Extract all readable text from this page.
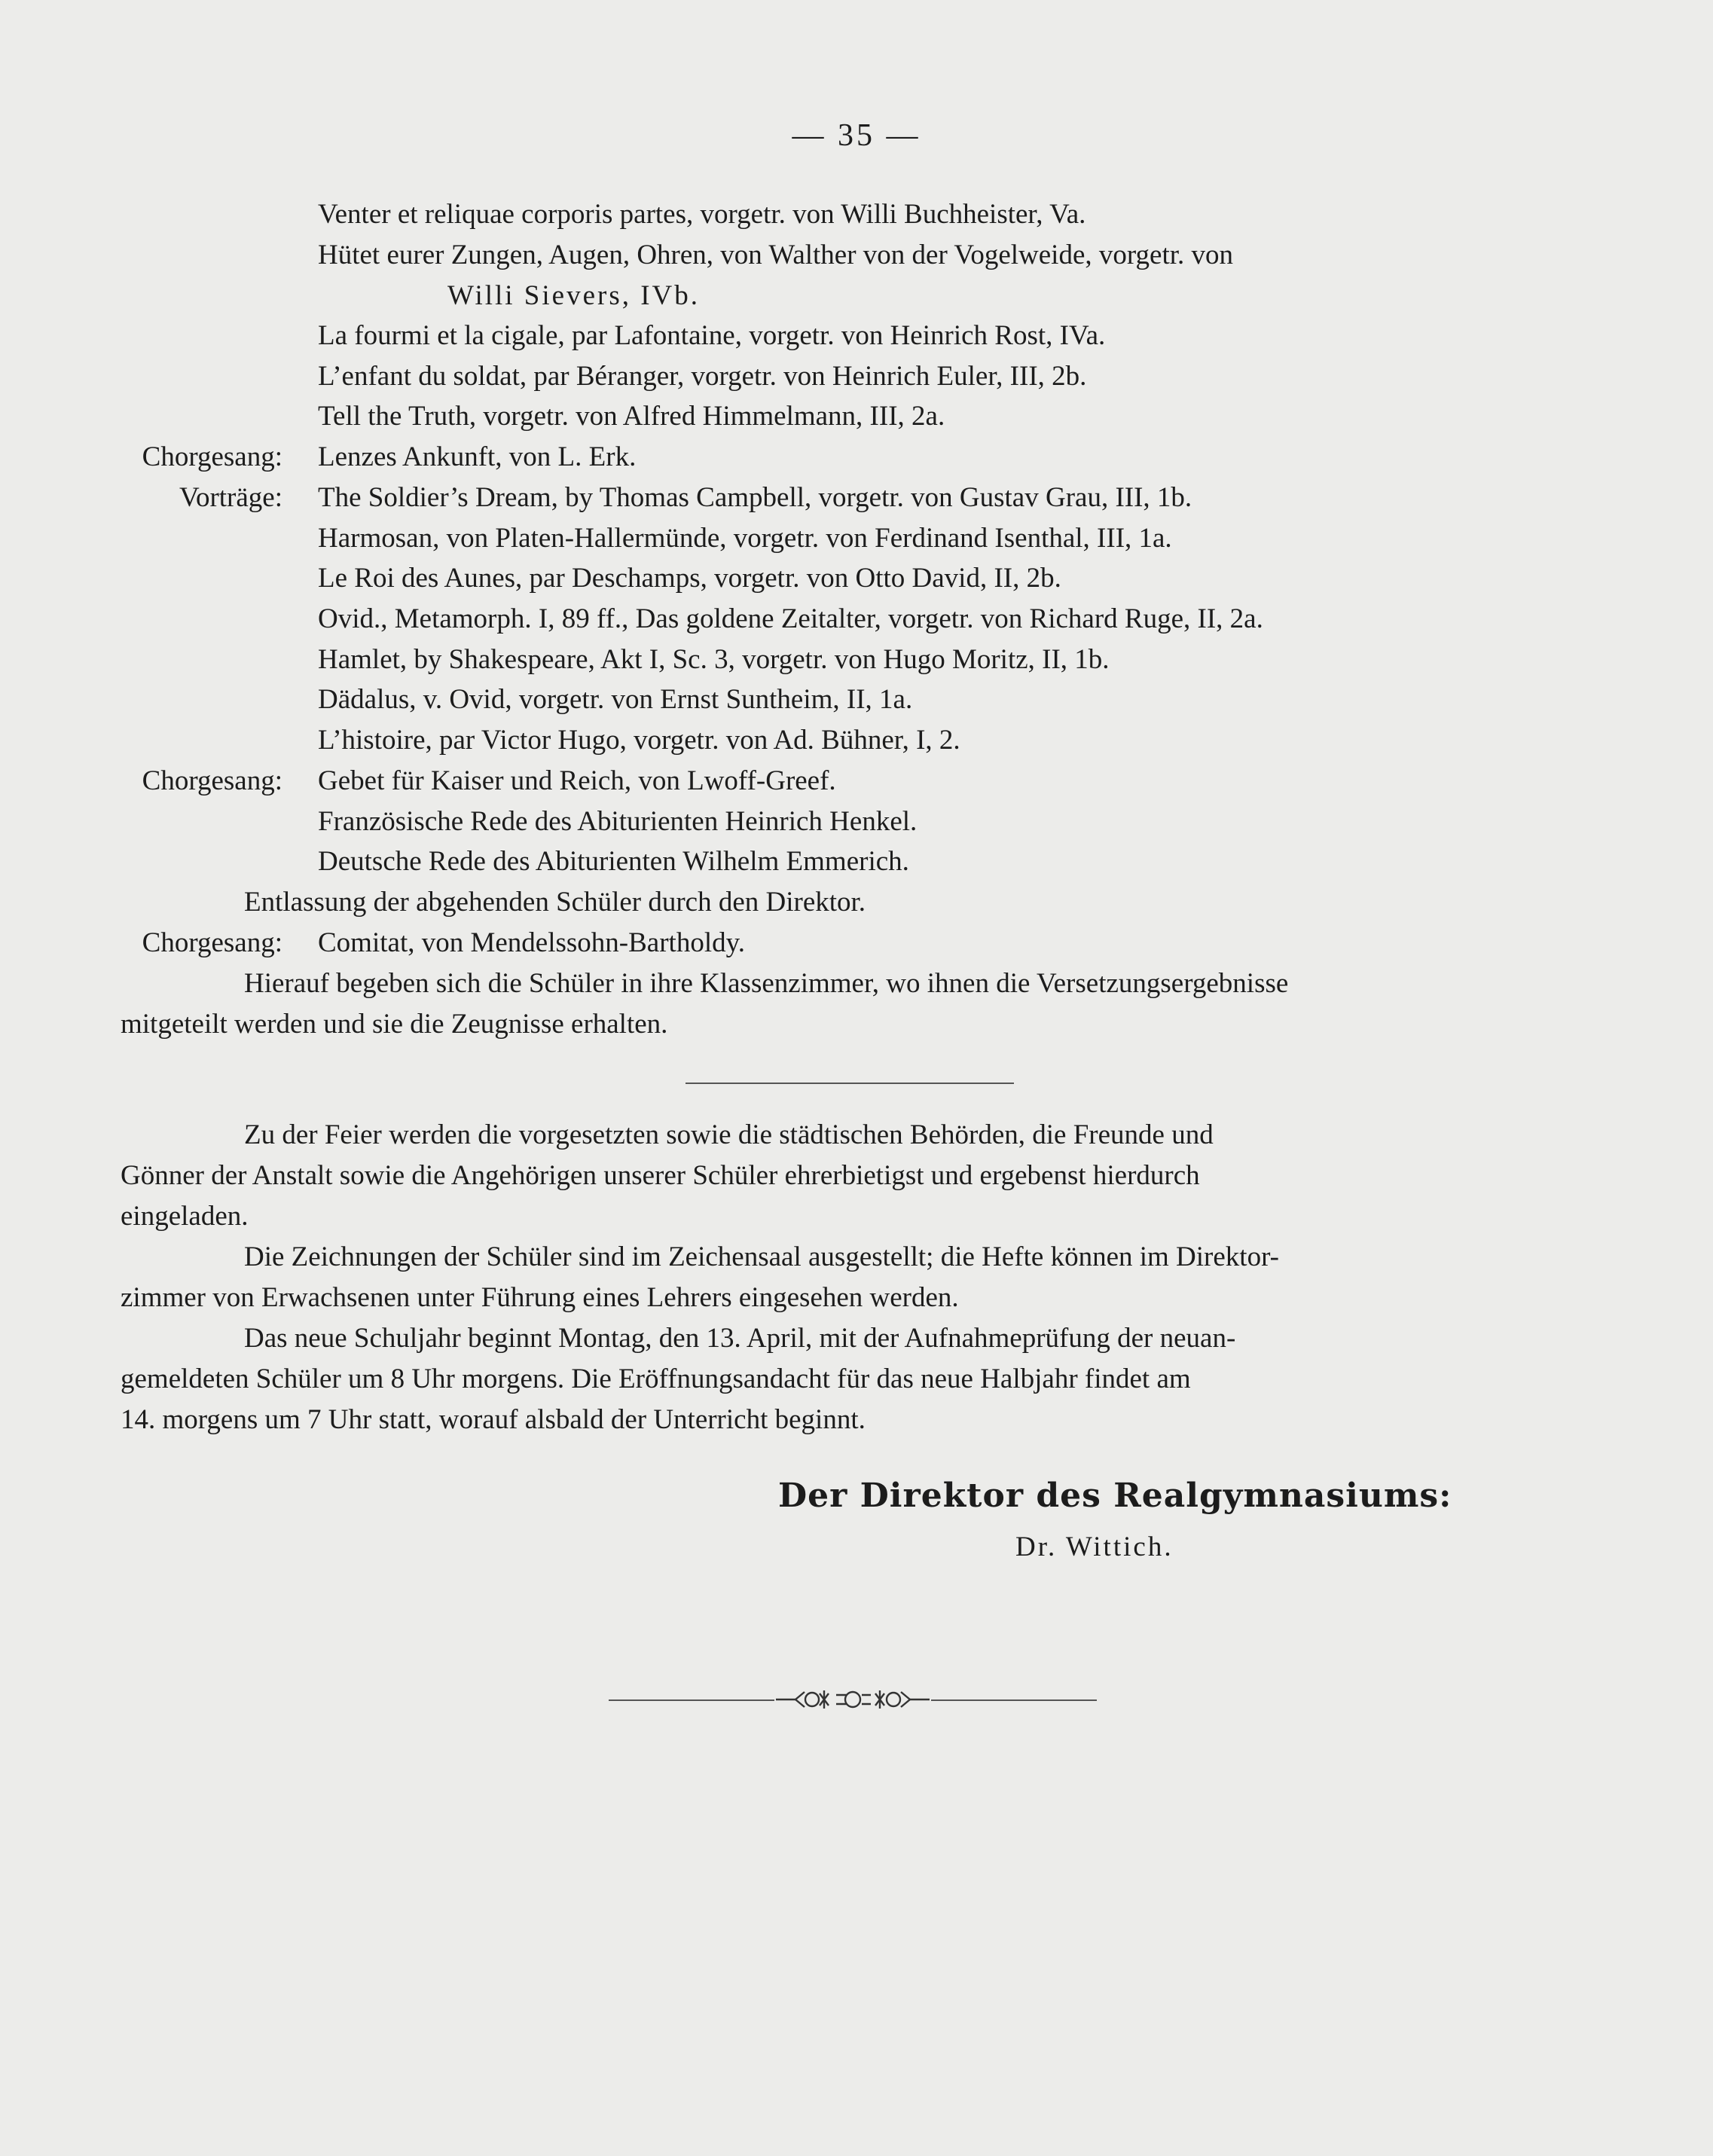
— 35 —
Venter et reliquae corporis partes, vorgetr. von Willi Buchheister, Va.
Hütet eurer Zungen, Augen, Ohren, von Walther von der Vogelweide, vorgetr. von
Willi Sievers, IVb.
La fourmi et la cigale, par Lafontaine, vorgetr. von Heinrich Rost, IVa.
L’enfant du soldat, par Béranger, vorgetr. von Heinrich Euler, III, 2b.
Tell the Truth, vorgetr. von Alfred Himmelmann, III, 2a.
Chorgesang: Lenzes Ankunft, von L. Erk.
Vorträge: The Soldier’s Dream, by Thomas Campbell, vorgetr. von Gustav Grau, III, 1b.
Harmosan, von Platen-Hallermünde, vorgetr. von Ferdinand Isenthal, III, 1a.
Le Roi des Aunes, par Deschamps, vorgetr. von Otto David, II, 2b.
Ovid., Metamorph. I, 89 ff., Das goldene Zeitalter, vorgetr. von Richard Ruge, II, 2a.
Hamlet, by Shakespeare, Akt I, Sc. 3, vorgetr. von Hugo Moritz, II, 1b.
Dädalus, v. Ovid, vorgetr. von Ernst Suntheim, II, 1a.
L’histoire, par Victor Hugo, vorgetr. von Ad. Bühner, I, 2.
Chorgesang: Gebet für Kaiser und Reich, von Lwoff-Greef.
Französische Rede des Abiturienten Heinrich Henkel.
Deutsche Rede des Abiturienten Wilhelm Emmerich.
Entlassung der abgehenden Schüler durch den Direktor.
Chorgesang: Comitat, von Mendelssohn-Bartholdy.
Hierauf begeben sich die Schüler in ihre Klassenzimmer, wo ihnen die Versetzungsergebnisse
mitgeteilt werden und sie die Zeugnisse erhalten.
Zu der Feier werden die vorgesetzten sowie die städtischen Behörden, die Freunde und
Gönner der Anstalt sowie die Angehörigen unserer Schüler ehrerbietigst und ergebenst hierdurch
eingeladen.
Die Zeichnungen der Schüler sind im Zeichensaal ausgestellt; die Hefte können im Direktor-
zimmer von Erwachsenen unter Führung eines Lehrers eingesehen werden.
Das neue Schuljahr beginnt Montag, den 13. April, mit der Aufnahmeprüfung der neuan-
gemeldeten Schüler um 8 Uhr morgens. Die Eröffnungsandacht für das neue Halbjahr findet am
14. morgens um 7 Uhr statt, worauf alsbald der Unterricht beginnt.
Der Direktor des Realgymnasiums:
Dr. Wittich.
